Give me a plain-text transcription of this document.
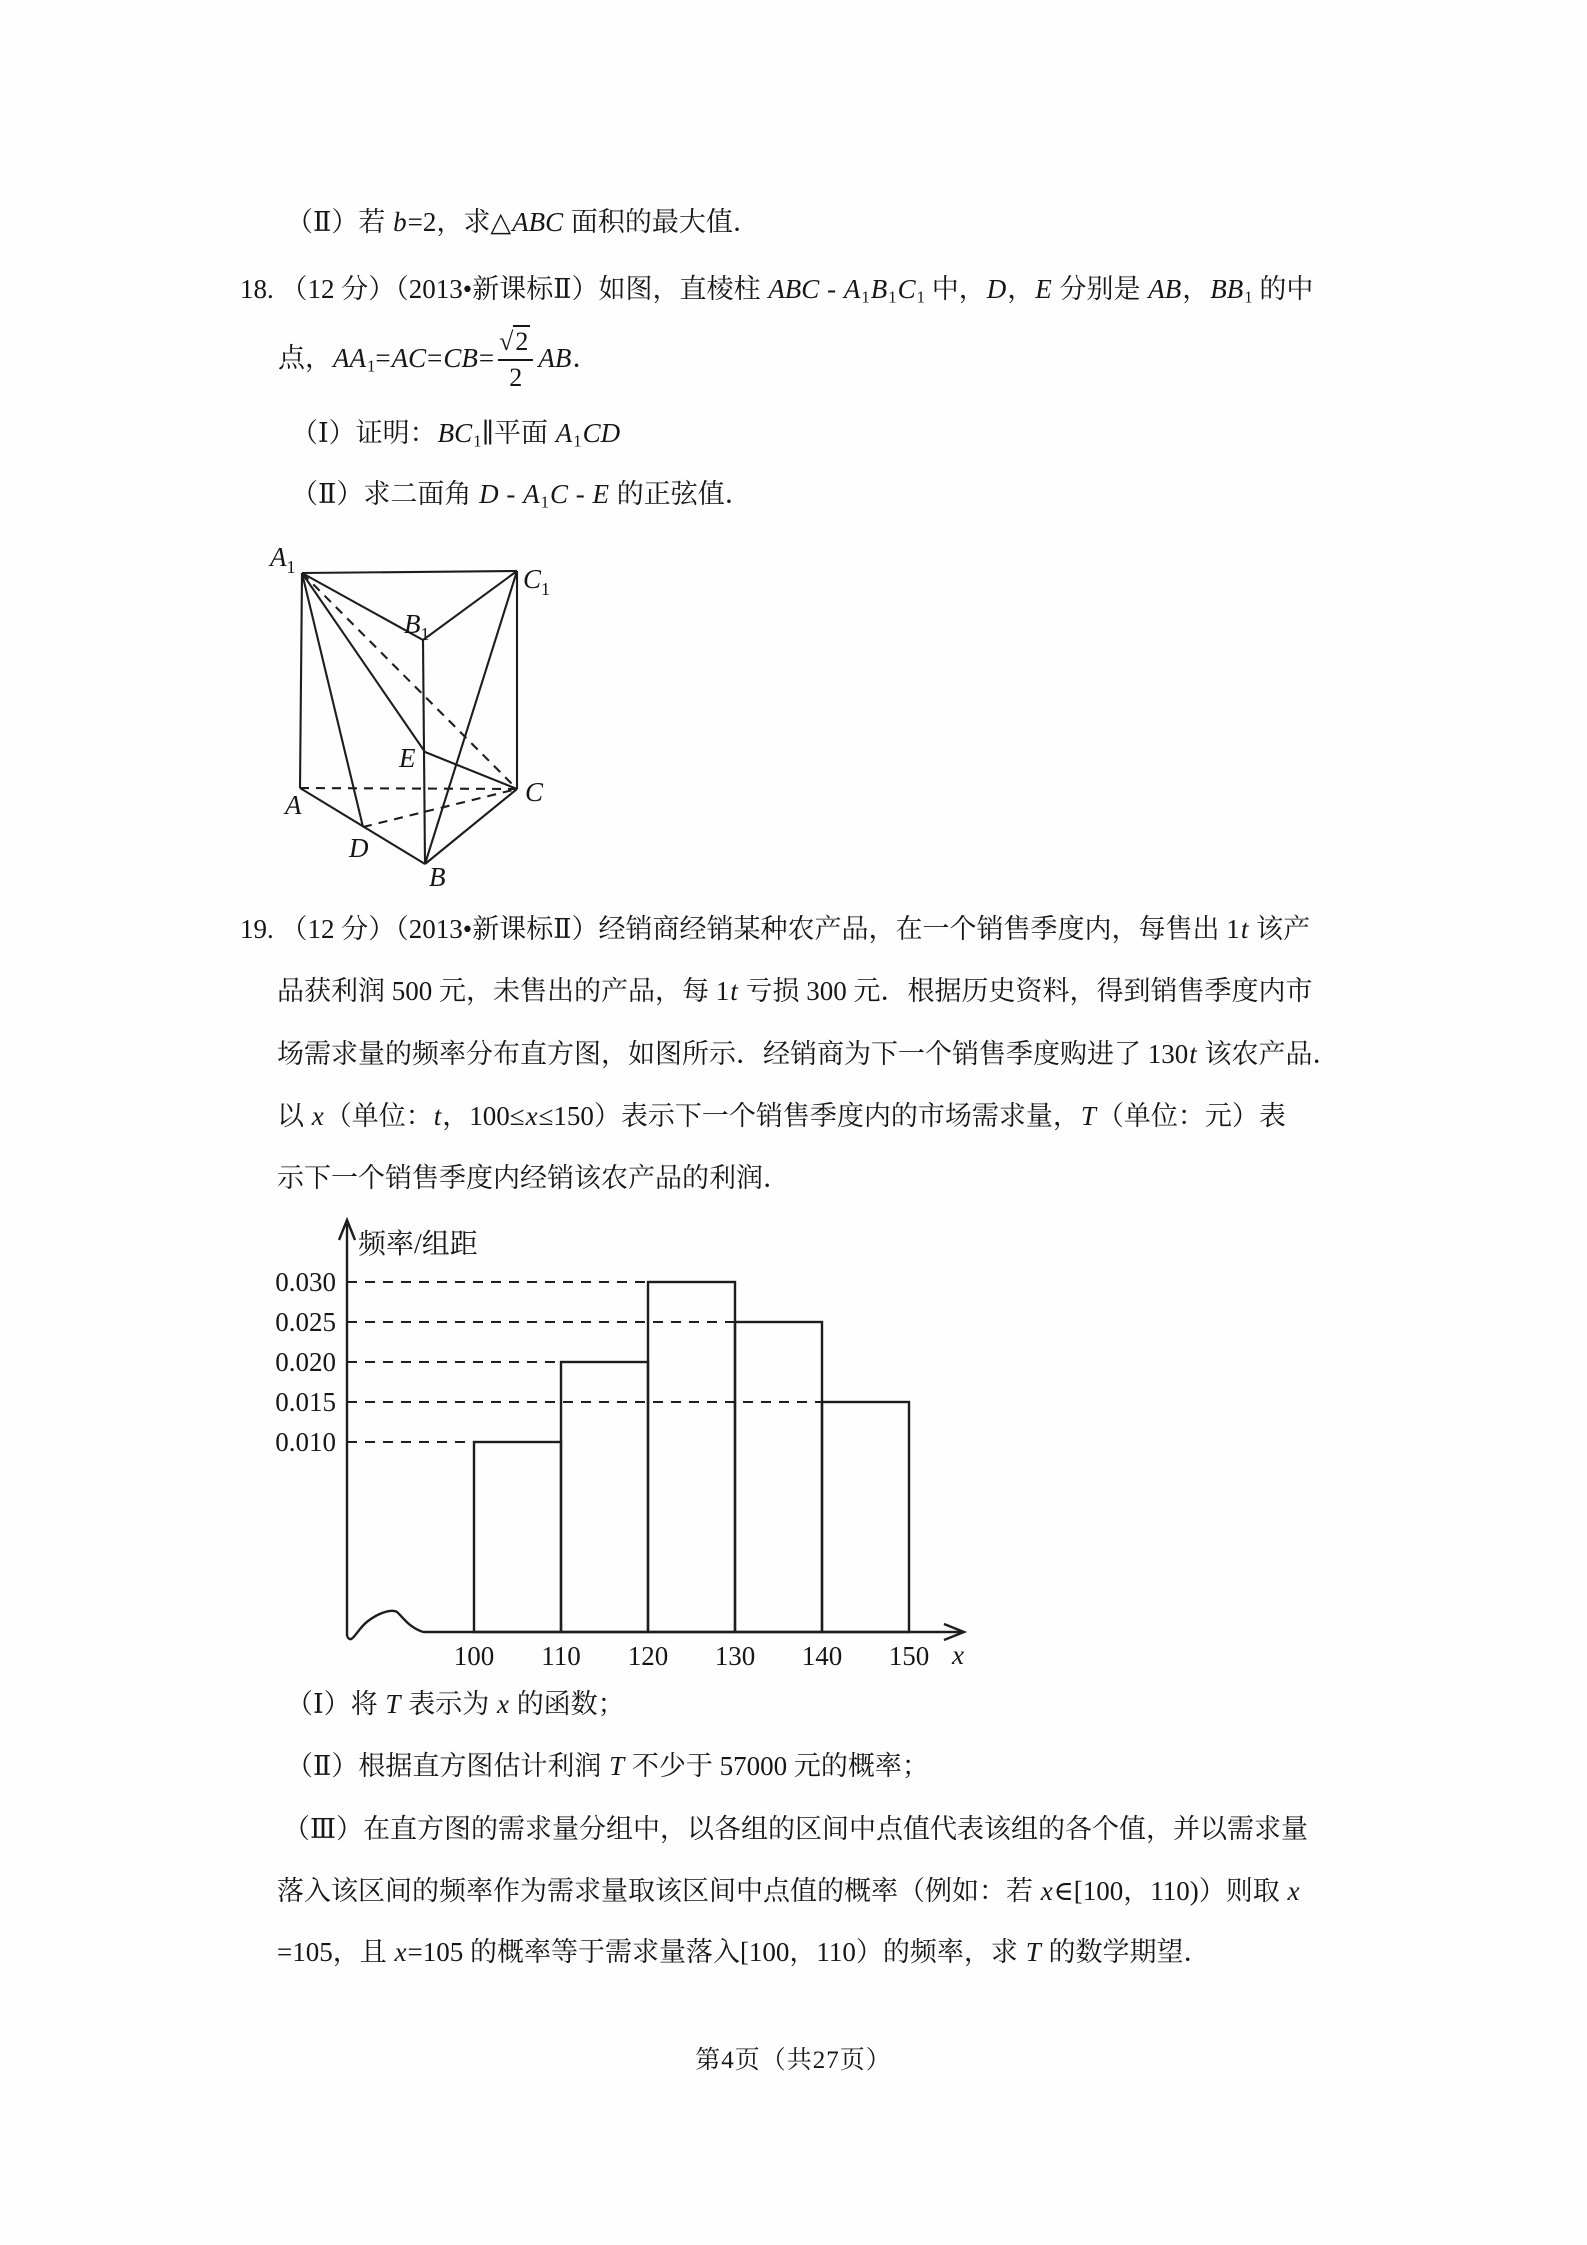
（Ⅱ）若 b=2，求△ABC 面积的最大值．
18. （12 分）（2013•新课标Ⅱ）如图，直棱柱 ABC - $A_1B_1C_1$ 中，D，E 分别是 AB，$BB_1$ 的中
点，$AA_1=AC=CB= \frac{√ 2}{2}$ AB．
（Ⅰ）证明：$BC_1\parallel$平面 $A_1CD$
（Ⅱ）求二面角 D - $A_1C$ - E 的正弦值．
$A_1$	$C_1$
$B_1$
E
A	C
D
B
19. （12 分）（2013•新课标Ⅱ）经销商经销某种农产品，在一个销售季度内，每售出 1t 该产
品获利润 500 元，未售出的产品，每 1t 亏损 300 元．根据历史资料，得到销售季度内市
场需求量的频率分布直方图，如图所示．经销商为下一个销售季度购进了 130t 该农产品．
以 x（单位：t，100≤x≤150）表示下一个销售季度内的市场需求量，T（单位：元）表
示下一个销售季度内经销该农产品的利润．
0.030
0.025
0.020
0.015
0.010
100 110 120 130 140 150
频率/组距
x
（Ⅰ）将 T 表示为 x 的函数；
（Ⅱ）根据直方图估计利润 T 不少于 57000 元的概率；
（Ⅲ）在直方图的需求量分组中，以各组的区间中点值代表该组的各个值，并以需求量
落入该区间的频率作为需求量取该区间中点值的概率（例如：若 x∈[100，110)）则取 x
=105，且 x=105 的概率等于需求量落入[100，110）的频率，求 T 的数学期望．
第4页（共27页）
